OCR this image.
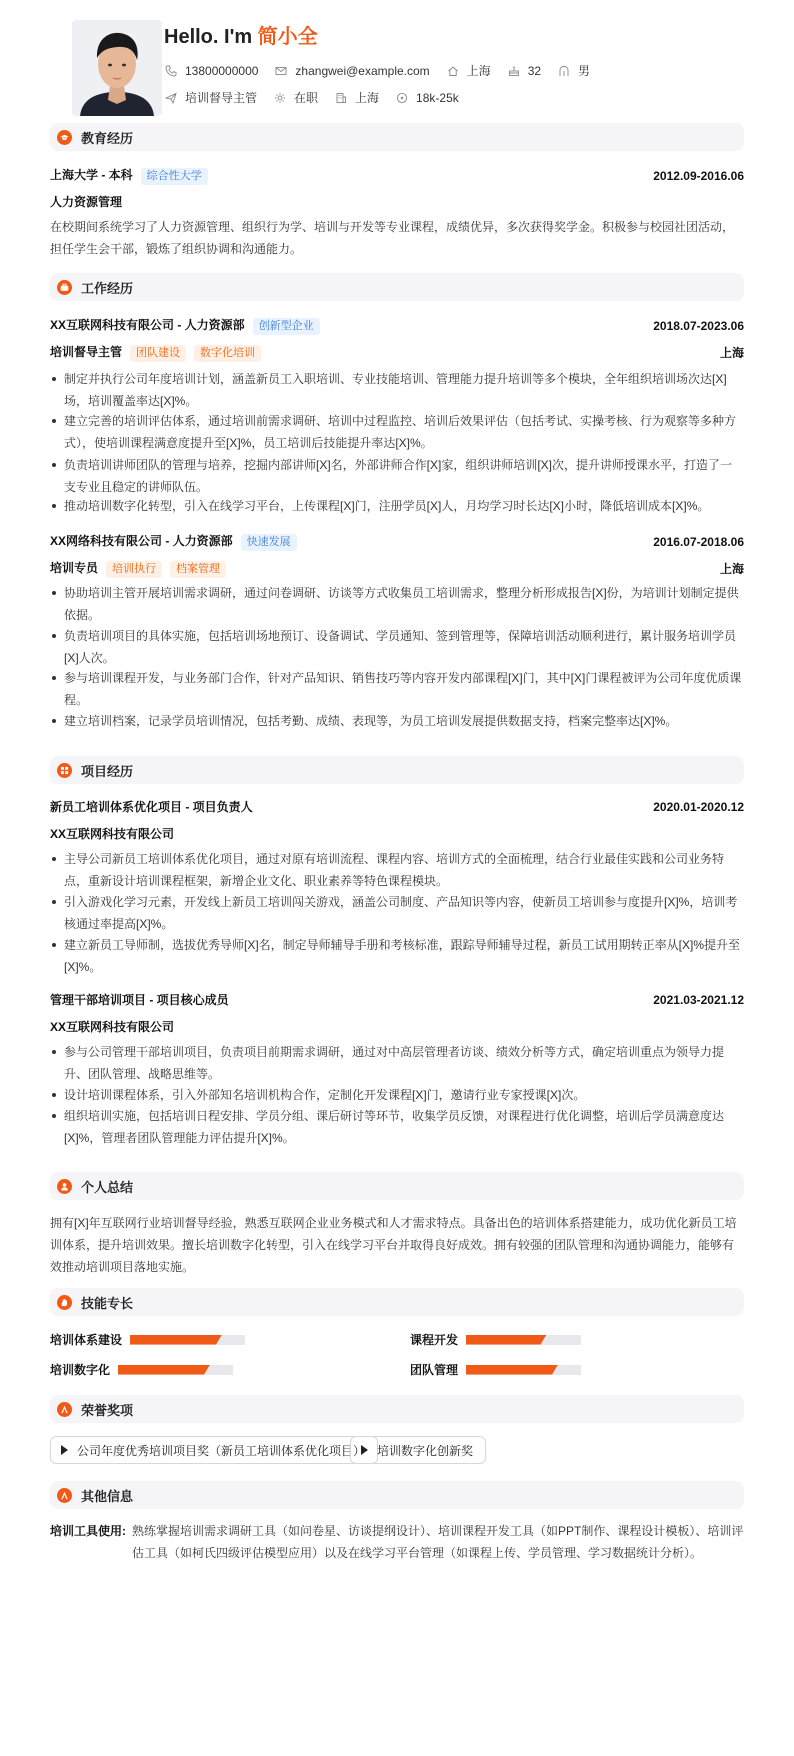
Hello. I'm 简小全
13800000000	zhangwei@example.com	上海	32	男
培训督导主管	在职	上海	18k-25k
教育经历
上海大学 - 本科 综合性大学	2012.09-2016.06
人力资源管理
在校期间系统学习了人力资源管理、组织行为学、培训与开发等专业课程，成绩优异，多次获得奖学金。积极参与校园社团活动，担任学生会干部，锻炼了组织协调和沟通能力。
工作经历
XX互联网科技有限公司 - 人力资源部 创新型企业	2018.07-2023.06
培训督导主管 团队建设 数字化培训	上海
制定并执行公司年度培训计划，涵盖新员工入职培训、专业技能培训、管理能力提升培训等多个模块，全年组织培训场次达[X]场，培训覆盖率达[X]%。
建立完善的培训评估体系，通过培训前需求调研、培训中过程监控、培训后效果评估（包括考试、实操考核、行为观察等多种方式），使培训课程满意度提升至[X]%，员工培训后技能提升率达[X]%。
负责培训讲师团队的管理与培养，挖掘内部讲师[X]名，外部讲师合作[X]家，组织讲师培训[X]次，提升讲师授课水平，打造了一支专业且稳定的讲师队伍。
推动培训数字化转型，引入在线学习平台，上传课程[X]门，注册学员[X]人，月均学习时长达[X]小时，降低培训成本[X]%。
XX网络科技有限公司 - 人力资源部 快速发展	2016.07-2018.06
培训专员 培训执行 档案管理	上海
协助培训主管开展培训需求调研，通过问卷调研、访谈等方式收集员工培训需求，整理分析形成报告[X]份，为培训计划制定提供依据。
负责培训项目的具体实施，包括培训场地预订、设备调试、学员通知、签到管理等，保障培训活动顺利进行，累计服务培训学员[X]人次。
参与培训课程开发，与业务部门合作，针对产品知识、销售技巧等内容开发内部课程[X]门，其中[X]门课程被评为公司年度优质课程。
建立培训档案，记录学员培训情况，包括考勤、成绩、表现等，为员工培训发展提供数据支持，档案完整率达[X]%。
项目经历
新员工培训体系优化项目 - 项目负责人	2020.01-2020.12
XX互联网科技有限公司
主导公司新员工培训体系优化项目，通过对原有培训流程、课程内容、培训方式的全面梳理，结合行业最佳实践和公司业务特点，重新设计培训课程框架，新增企业文化、职业素养等特色课程模块。
引入游戏化学习元素，开发线上新员工培训闯关游戏，涵盖公司制度、产品知识等内容，使新员工培训参与度提升[X]%，培训考核通过率提高[X]%。
建立新员工导师制，选拔优秀导师[X]名，制定导师辅导手册和考核标准，跟踪导师辅导过程，新员工试用期转正率从[X]%提升至[X]%。
管理干部培训项目 - 项目核心成员	2021.03-2021.12
XX互联网科技有限公司
参与公司管理干部培训项目，负责项目前期需求调研，通过对中高层管理者访谈、绩效分析等方式，确定培训重点为领导力提升、团队管理、战略思维等。
设计培训课程体系，引入外部知名培训机构合作，定制化开发课程[X]门，邀请行业专家授课[X]次。
组织培训实施，包括培训日程安排、学员分组、课后研讨等环节，收集学员反馈，对课程进行优化调整，培训后学员满意度达[X]%，管理者团队管理能力评估提升[X]%。
个人总结
拥有[X]年互联网行业培训督导经验，熟悉互联网企业业务模式和人才需求特点。具备出色的培训体系搭建能力，成功优化新员工培训体系，提升培训效果。擅长培训数字化转型，引入在线学习平台并取得良好成效。拥有较强的团队管理和沟通协调能力，能够有效推动培训项目落地实施。
技能专长
培训体系建设	课程开发
培训数字化	团队管理
荣誉奖项
公司年度优秀培训项目奖（新员工培训体系优化项目） 培训数字化创新奖
其他信息
培训工具使用: 熟练掌握培训需求调研工具（如问卷星、访谈提纲设计）、培训课程开发工具（如PPT制作、课程设计模板）、培训评估工具（如柯氏四级评估模型应用）以及在线学习平台管理（如课程上传、学员管理、学习数据统计分析）。
